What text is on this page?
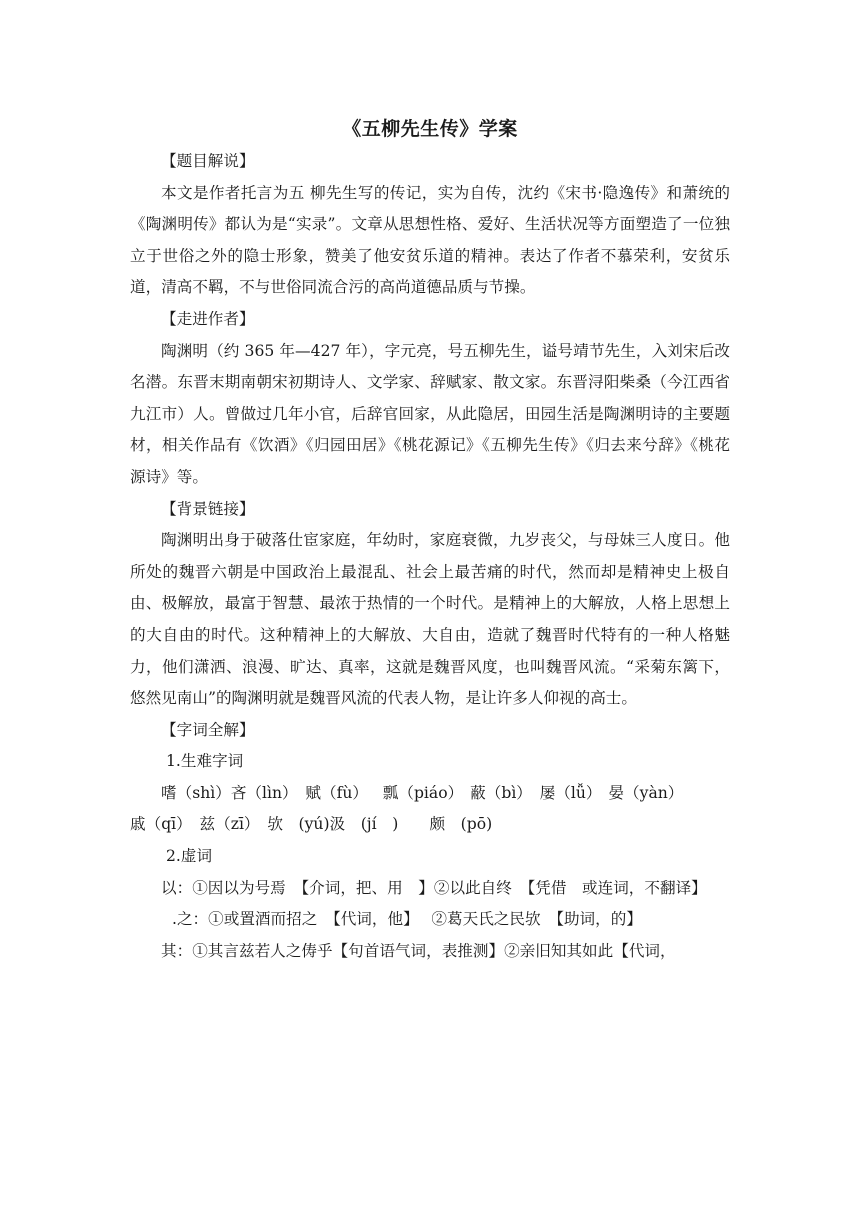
《五柳先生传》学案

【题目解说】

本文是作者托言为五 柳先生写的传记，实为自传，沈约《宋书·隐逸传》和萧统的《陶渊明传》都认为是“实录”。文章从思想性格、爱好、生活状况等方面塑造了一位独立于世俗之外的隐士形象，赞美了他安贫乐道的精神。表达了作者不慕荣利，安贫乐道，清高不羁，不与世俗同流合污的高尚道德品质与节操。

【走进作者】

陶渊明（约 365 年—427 年），字元亮，号五柳先生，谥号靖节先生，入刘宋后改名潜。东晋末期南朝宋初期诗人、文学家、辞赋家、散文家。东晋浔阳柴桑（今江西省九江市）人。曾做过几年小官，后辞官回家，从此隐居，田园生活是陶渊明诗的主要题材，相关作品有《饮酒》《归园田居》《桃花源记》《五柳先生传》《归去来兮辞》《桃花源诗》等。

【背景链接】

陶渊明出身于破落仕宦家庭，年幼时，家庭衰微，九岁丧父，与母妹三人度日。他所处的魏晋六朝是中国政治上最混乱、社会上最苦痛的时代，然而却是精神史上极自由、极解放，最富于智慧、最浓于热情的一个时代。是精神上的大解放，人格上思想上的大自由的时代。这种精神上的大解放、大自由，造就了魏晋时代特有的一种人格魅力，他们潇洒、浪漫、旷达、真率，这就是魏晋风度，也叫魏晋风流。“采菊东篱下，悠然见南山”的陶渊明就是魏晋风流的代表人物，是让许多人仰视的高士。

【字词全解】

1.生难字词

嗜（shì）吝（lìn）　赋（fù）　 瓢（piáo） 蔽（bì）　屡（lǚ） 晏（yàn）

戚（qī）　兹（zī）　欤　(yú)汲　(jí　)　　颇　(pō)

2.虚词

以：①因以为号焉　【介词，把、用　】②以此自终　【凭借　或连词，不翻译】

.之：①或置酒而招之　【代词，他】　 ②葛天氏之民欤　【助词，的】

其：①其言兹若人之俦乎【句首语气词，表推测】②亲旧知其如此【代词，
